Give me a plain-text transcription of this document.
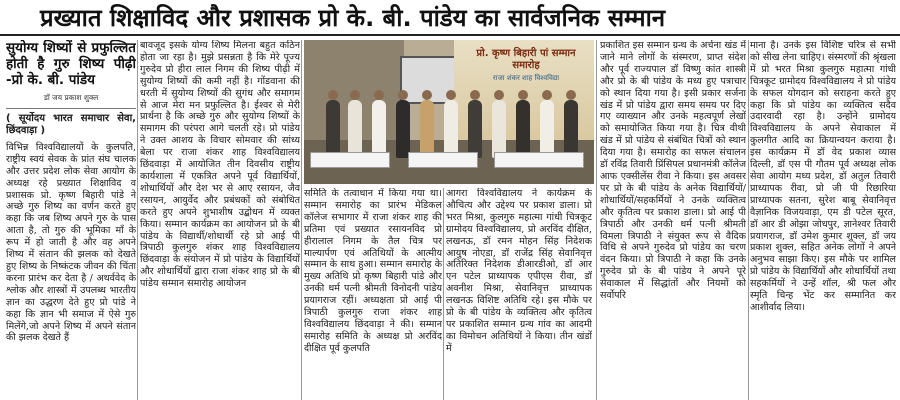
प्रख्यात शिक्षाविद और प्रशासक प्रो के. बी. पांडेय का सार्वजनिक सम्मान
सुयोग्य शिष्यों से प्रफुल्लित होती है गुरु शिष्य पीढ़ी -प्रो के. बी. पांडेय
डॉ जय प्रकाश शुक्ल
( सूर्योदय भारत समाचार सेवा, छिंदवाड़ा )

विभिन्न विश्वविद्यालयों के कुलपति, राष्ट्रीय स्वयं सेवक के प्रांत संघ चालक और उत्तर प्रदेश लोक सेवा आयोग के अध्यक्ष रहे प्रख्यात शिक्षाविद व प्रशासक प्रो. कृष्ण बिहारी पांडे ने अच्छे गुरु शिष्य का वर्णन करते हुए कहा कि जब शिष्य अपने गुरु के पास आता है, तो गुरु की भूमिका माँ के रूप में हो जाती है और वह अपने शिष्य में संतान की झलक को देखते हुए शिष्य के निष्कंटक जीवन की चिंता करना प्रारंभ कर देता है / अथर्ववेद के श्लोक और शास्त्रों में उपलब्ध भारतीय ज्ञान का उद्धरण देते हुए प्रो पांडे ने कहा कि ज्ञान भी समाज में ऐसे गुरु मिलेंगे,जो अपने शिष्य में अपने संतान की झलक देखते हैं

बावजूद इसके योग्य शिष्य मिलना बहुत कठिन होता जा रहा है। मुझे प्रसन्नता है कि मेरे पूज्य गुरुदेव प्रो हीरा लाल निगम की शिष्य पीढ़ी में सुयोग्य शिष्यों की कमी नहीं है। गोंडवाना की धरती में सुयोग्य शिष्यों की सुगंध और समागम से आज मेरा मन प्रफुल्लित है। ईश्वर से मेरी प्रार्थना है कि अच्छे गुरु और सुयोग्य शिष्यों के समागम की परंपरा आगे चलती रहे। प्रो पांडेय ने उक्त आशय के विचार सोमवार की सांध्य बेला पर राजा शंकर शाह विश्वविद्यालय छिंदवाड़ा में आयोजित तीन दिवसीय राष्ट्रीय कार्यशाला में एकत्रित अपने पूर्व विद्यार्थियों, शोधार्थियों और देश भर से आए रसायन, जैव रसायन, आयुर्वेद और प्रबंधकों को संबोधित करते हुए अपने शुभाशीष उद्बोधन में व्यक्त किया। सम्मान कार्यक्रम का आयोजन प्रो के बी पांडेय के विद्यार्थी/शोधार्थी रहे प्रो आई पी त्रिपाठी कुलगुरु शंकर शाह विश्वविद्यालय छिंदवाड़ा के संयोजन में प्रो पांडेय के विद्यार्थियों और शोधार्थियों द्वारा राजा शंकर शाह प्रो के बी पांडेय सम्मान समारोह आयोजन

प्रो. कृष्ण बिहारी पां सम्मान समारोह
राजा शंकर शाह विश्वविद्या

समिति के तत्वाधान में किया गया था। सम्मान समारोह का प्रारंभ मेडिकल कॉलेज सभागार में राजा शंकर शाह की प्रतिमा एवं प्रख्यात रसायनविद प्रो हीरालाल निगम के तैल चित्र पर माल्यार्पण एवं अतिथियों के आत्मीय सम्मान के साथ हुआ। सम्मान समारोह के मुख्य अतिथि प्रो कृष्ण बिहारी पांडे और उनकी धर्म पत्नी श्रीमती विनोदनी पांडेय प्रयागराज रहीं। अध्यक्षता प्रो आई पी त्रिपाठी कुलगुरु राजा शंकर शाह विश्वविद्यालय छिंदवाड़ा ने की। सम्मान समारोह समिति के अध्यक्ष प्रो अरविंद दीक्षित पूर्व कुलपति

आगरा विश्वविद्यालय ने कार्यक्रम के औचित्य और उद्देश्य पर प्रकाश डाला। प्रो भरत मिश्रा, कुलगुरु महात्मा गांधी चित्रकूट ग्रामोदय विश्वविद्यालय, प्रो अरविंद दीक्षित, लखनऊ, डॉ रमन मोहन सिंह निदेशक आयुष नोएडा, डॉ राजेंद्र सिंह सेवानिवृत्त अतिरिक्त निदेशक डीआरडीओ, डॉ आर एन पटेल प्राध्यापक एपीएस रीवा, डॉ अवनीश मिश्रा, सेवानिवृत्त प्राध्यापक लखनऊ विशिष्ट अतिथि रहे। इस मौके पर प्रो के बी पांडेय के व्यक्तित्व और कृतित्व पर प्रकाशित सम्मान ग्रन्थ गांव का आदमी का विमोचन अतिथियों ने किया। तीन खंडों में

प्रकाशित इस सम्मान ग्रन्थ के अर्चना खंड में जाने माने लोगों के संस्मरण, प्राप्त संदेश और पूर्व राज्यपाल डॉ विष्णु कांत शास्त्री और प्रो के बी पांडेय के मध्य हुए पत्राचार को स्थान दिया गया है। इसी प्रकार सर्जना खंड में प्रो पांडेय द्वारा समय समय पर दिए गए व्याख्यान और उनके महत्वपूर्ण लेखों को समायोजित किया गया है। चित्र वीथी खंड में प्रो पांडेय से संबंधित चित्रों को स्थान दिया गया है। समारोह का सफल संचालन डॉ रविंद्र तिवारी प्रिंसिपल प्रधानमंत्री कॉलेज आफ एक्सीलेंस रीवा ने किया। इस अवसर पर प्रो के बी पांडेय के अनेक विद्यार्थियों/शोधार्थियों/सहकर्मियों ने उनके व्यक्तित्व और कृतित्व पर प्रकाश डाला। प्रो आई पी त्रिपाठी और उनकी धर्म पत्नी श्रीमती विमला त्रिपाठी ने संयुक्त रूप से वैदिक विधि से अपने गुरुदेव प्रो पांडेय का चरण वंदन किया। प्रो त्रिपाठी ने कहा कि उनके गुरुदेव प्रो के बी पांडेय ने अपने पूरे सेवाकाल में सिद्धांतों और नियमों को सर्वोपरि

माना है। उनके इस विशिष्ट चरित्र से सभी को सीख लेना चाहिए। संस्मरणों की श्रृंखला में प्रो भरत मिश्रा कुलगुरु महात्मा गांधी चित्रकूट ग्रामोदय विश्वविद्यालय ने प्रो पांडेय के सफल योगदान को सराहना करते हुए कहा कि प्रो पांडेय का व्यक्तित्व सदैव उदारवादी रहा है। उन्होंने ग्रामोदय विश्वविद्यालय के अपने सेवाकाल में कुलगीत आदि का क्रियान्वयन कराया है। इस कार्यक्रम में डॉ वेद प्रकाश व्यास दिल्ली, डॉ एस पी गौतम पूर्व अध्यक्ष लोक सेवा आयोग मध्य प्रदेश, डॉ अतुल तिवारी प्राध्यापक रीवा, प्रो जी पी रिछारिया प्राध्यापक सतना, सुरेश बाबू सेवानिवृत्त वैज्ञानिक विजयवाड़ा, एम डी पटेल सूरत, डॉ आर डी ओझा जोधपुर, ज्ञानेश्वर तिवारी प्रयागराज, डॉ उमेश कुमार शुक्ल, डॉ जय प्रकाश शुक्ल, सहित अनेक लोगों ने अपने अनुभव साझा किए। इस मौके पर शामिल प्रो पांडेय के विद्यार्थियों और शोधार्थियों तथा सहकर्मियों ने उन्हें शॉल, श्री फल और स्मृति चिन्ह भेंट कर सम्मानित कर आशीर्वाद लिया।
